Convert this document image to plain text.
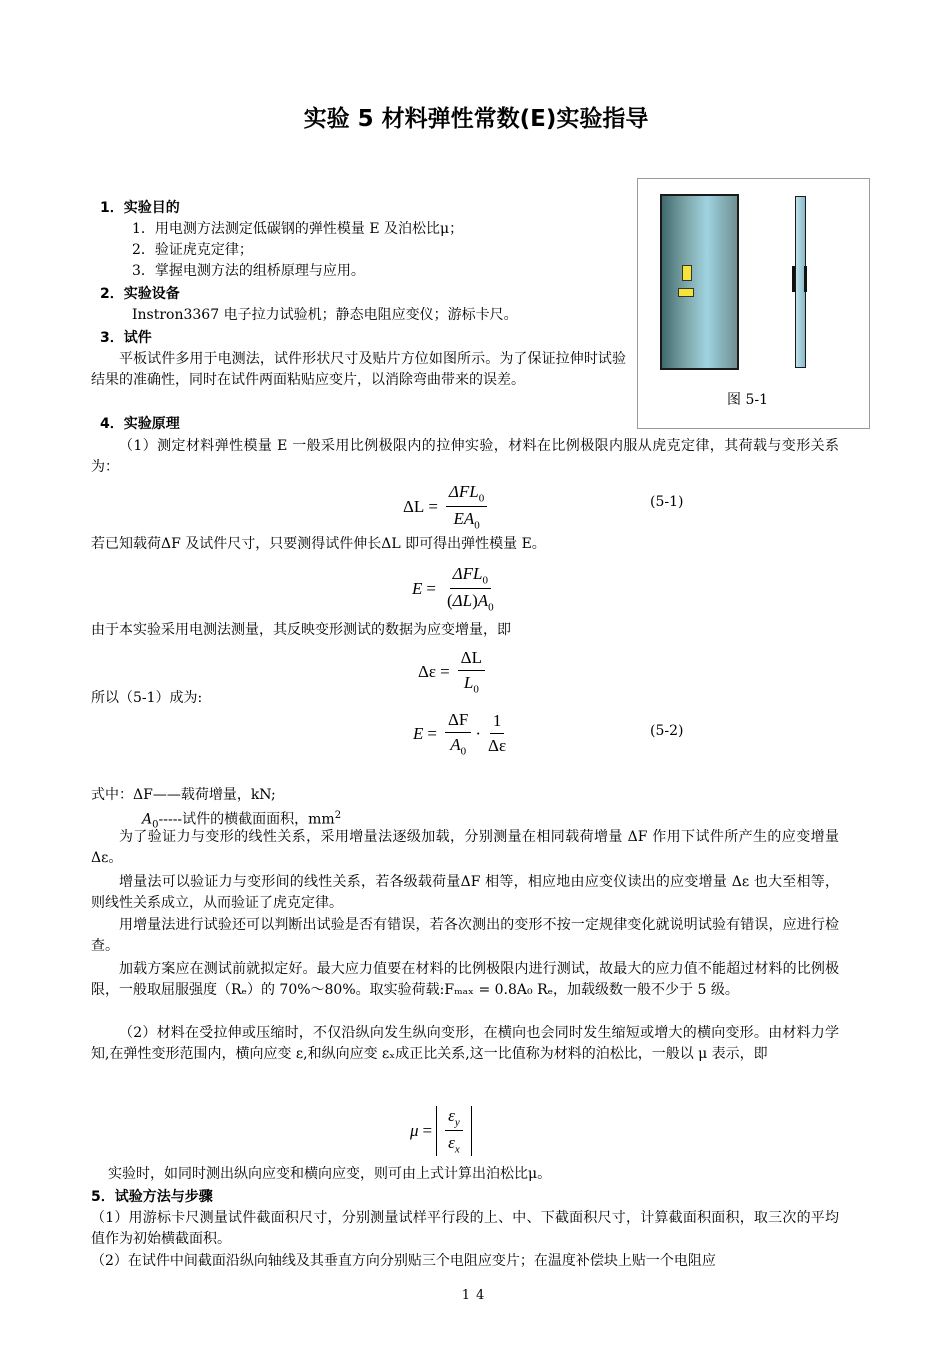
实验 5 材料弹性常数(E)实验指导
图 5-1
1．实验目的
1．用电测方法测定低碳钢的弹性模量 E 及泊松比μ；
2．验证虎克定律；
3．掌握电测方法的组桥原理与应用。
2．实验设备
Instron3367 电子拉力试验机；静态电阻应变仪；游标卡尺。
3．试件
平板试件多用于电测法，试件形状尺寸及贴片方位如图所示。为了保证拉伸时试验结果的准确性，同时在试件两面粘贴应变片，以消除弯曲带来的误差。
4．实验原理
（1）测定材料弹性模量 E 一般采用比例极限内的拉伸实验，材料在比例极限内服从虎克定律，其荷载与变形关系为：
$\Delta L = \frac{\Delta FL_0}{EA_0}$	(5-1)
若已知载荷ΔF 及试件尺寸，只要测得试件伸长ΔL 即可得出弹性模量 E。
$E = \frac{\Delta FL_0}{(\Delta L)A_0}$
由于本实验采用电测法测量，其反映变形测试的数据为应变增量，即
$\Delta\varepsilon = \frac{\Delta L}{L_0}$
所以（5-1）成为:
$E = \frac{\Delta F}{A_0} \cdot \frac{1}{\Delta\varepsilon}$	(5-2)
式中：ΔF——载荷增量，kN;
$A_0-----$试件的横截面面积，$mm^2$
为了验证力与变形的线性关系，采用增量法逐级加载，分别测量在相同载荷增量 ΔF 作用下试件所产生的应变增量 Δε。
增量法可以验证力与变形间的线性关系，若各级载荷量ΔF 相等，相应地由应变仪读出的应变增量 Δε 也大至相等，则线性关系成立，从而验证了虎克定律。
用增量法进行试验还可以判断出试验是否有错误，若各次测出的变形不按一定规律变化就说明试验有错误，应进行检查。
加载方案应在测试前就拟定好。最大应力值要在材料的比例极限内进行测试，故最大的应力值不能超过材料的比例极限，一般取屈服强度（Rₑ）的 70%～80%。取实验荷载:Fₘₐₓ = 0.8A₀ Rₑ，加载级数一般不少于 5 级。
（2）材料在受拉伸或压缩时，不仅沿纵向发生纵向变形，在横向也会同时发生缩短或增大的横向变形。由材料力学知,在弹性变形范围内，横向应变 ε,和纵向应变 εₓ成正比关系,这一比值称为材料的泊松比，一般以 μ 表示，即
$\mu = \frac{\varepsilon_y}{\varepsilon_x}$
实验时，如同时测出纵向应变和横向应变，则可由上式计算出泊松比μ。
5．试验方法与步骤
（1）用游标卡尺测量试件截面积尺寸，分别测量试样平行段的上、中、下截面积尺寸，计算截面积面积，取三次的平均值作为初始横截面积。
（2）在试件中间截面沿纵向轴线及其垂直方向分别贴三个电阻应变片；在温度补偿块上贴一个电阻应
14
